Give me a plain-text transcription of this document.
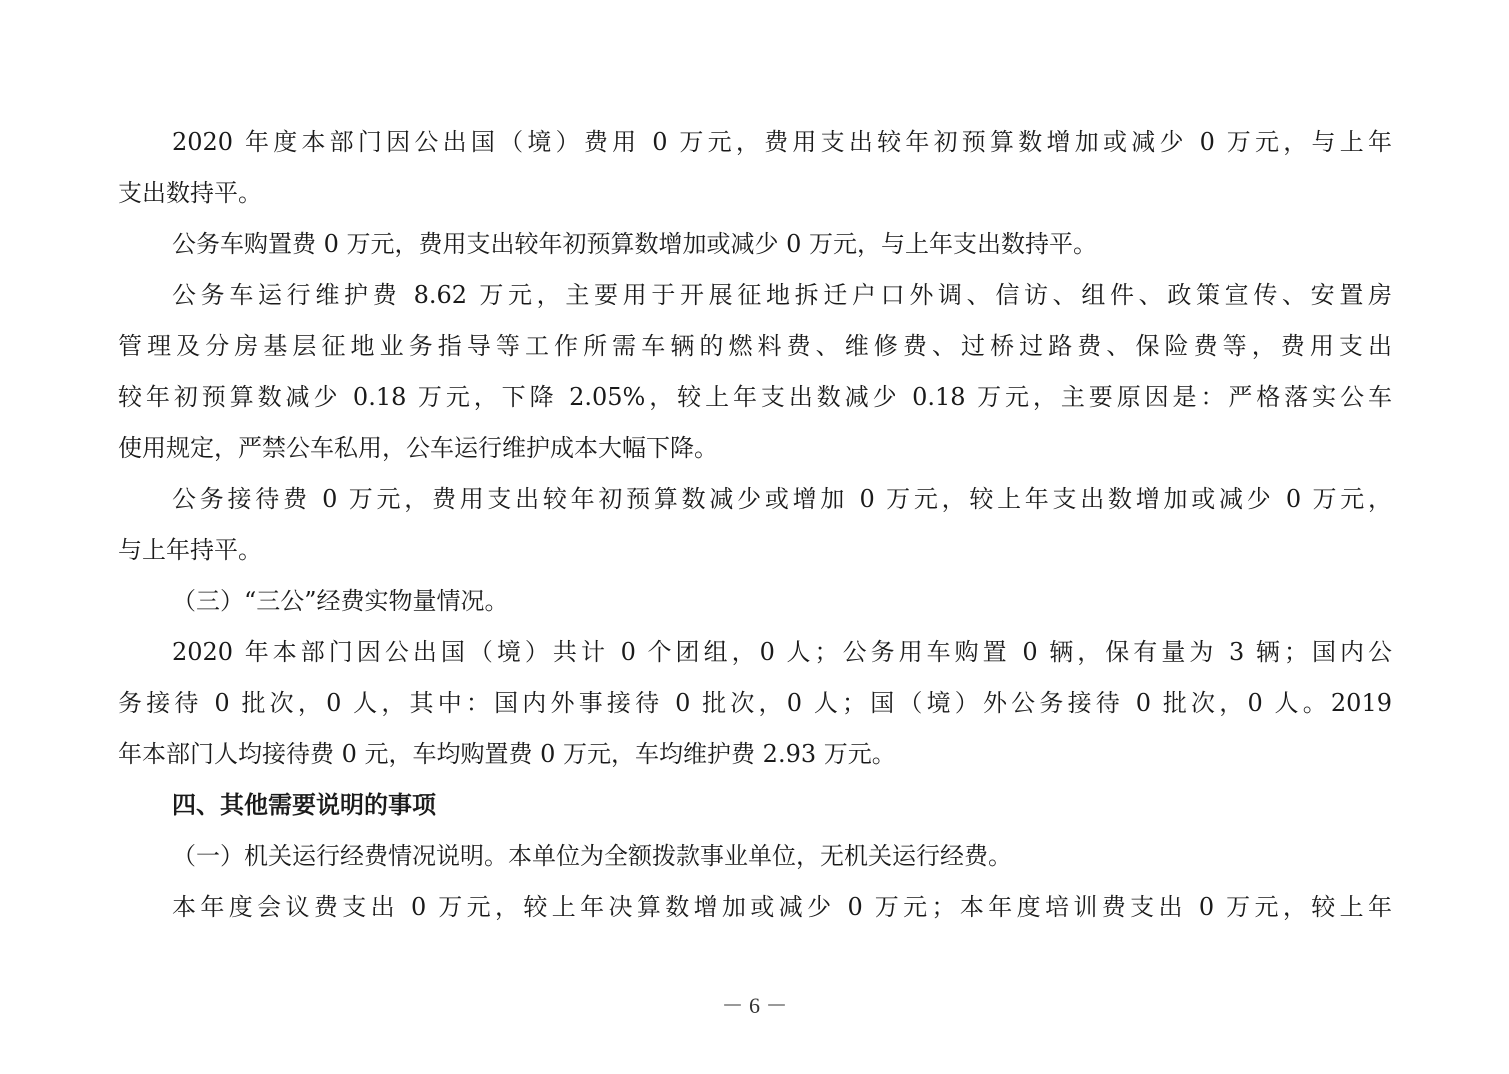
2020 年度本部门因公出国（境）费用 0 万元，费用支出较年初预算数增加或减少 0 万元，与上年
支出数持平。
公务车购置费 0 万元，费用支出较年初预算数增加或减少 0 万元，与上年支出数持平。
公务车运行维护费 8.62 万元，主要用于开展征地拆迁户口外调、信访、组件、政策宣传、安置房
管理及分房基层征地业务指导等工作所需车辆的燃料费、维修费、过桥过路费、保险费等，费用支出
较年初预算数减少 0.18 万元，下降 2.05%，较上年支出数减少 0.18 万元，主要原因是：严格落实公车
使用规定，严禁公车私用，公车运行维护成本大幅下降。
公务接待费 0 万元，费用支出较年初预算数减少或增加 0 万元，较上年支出数增加或减少 0 万元，
与上年持平。
（三）“三公”经费实物量情况。
2020 年本部门因公出国（境）共计 0 个团组，0 人；公务用车购置 0 辆，保有量为 3 辆；国内公
务接待 0 批次，0 人，其中：国内外事接待 0 批次，0 人；国（境）外公务接待 0 批次，0 人。2019
年本部门人均接待费 0 元，车均购置费 0 万元，车均维护费 2.93 万元。
四、其他需要说明的事项
（一）机关运行经费情况说明。本单位为全额拨款事业单位，无机关运行经费。
本年度会议费支出 0 万元，较上年决算数增加或减少 0 万元；本年度培训费支出 0 万元，较上年
－ 6 －
